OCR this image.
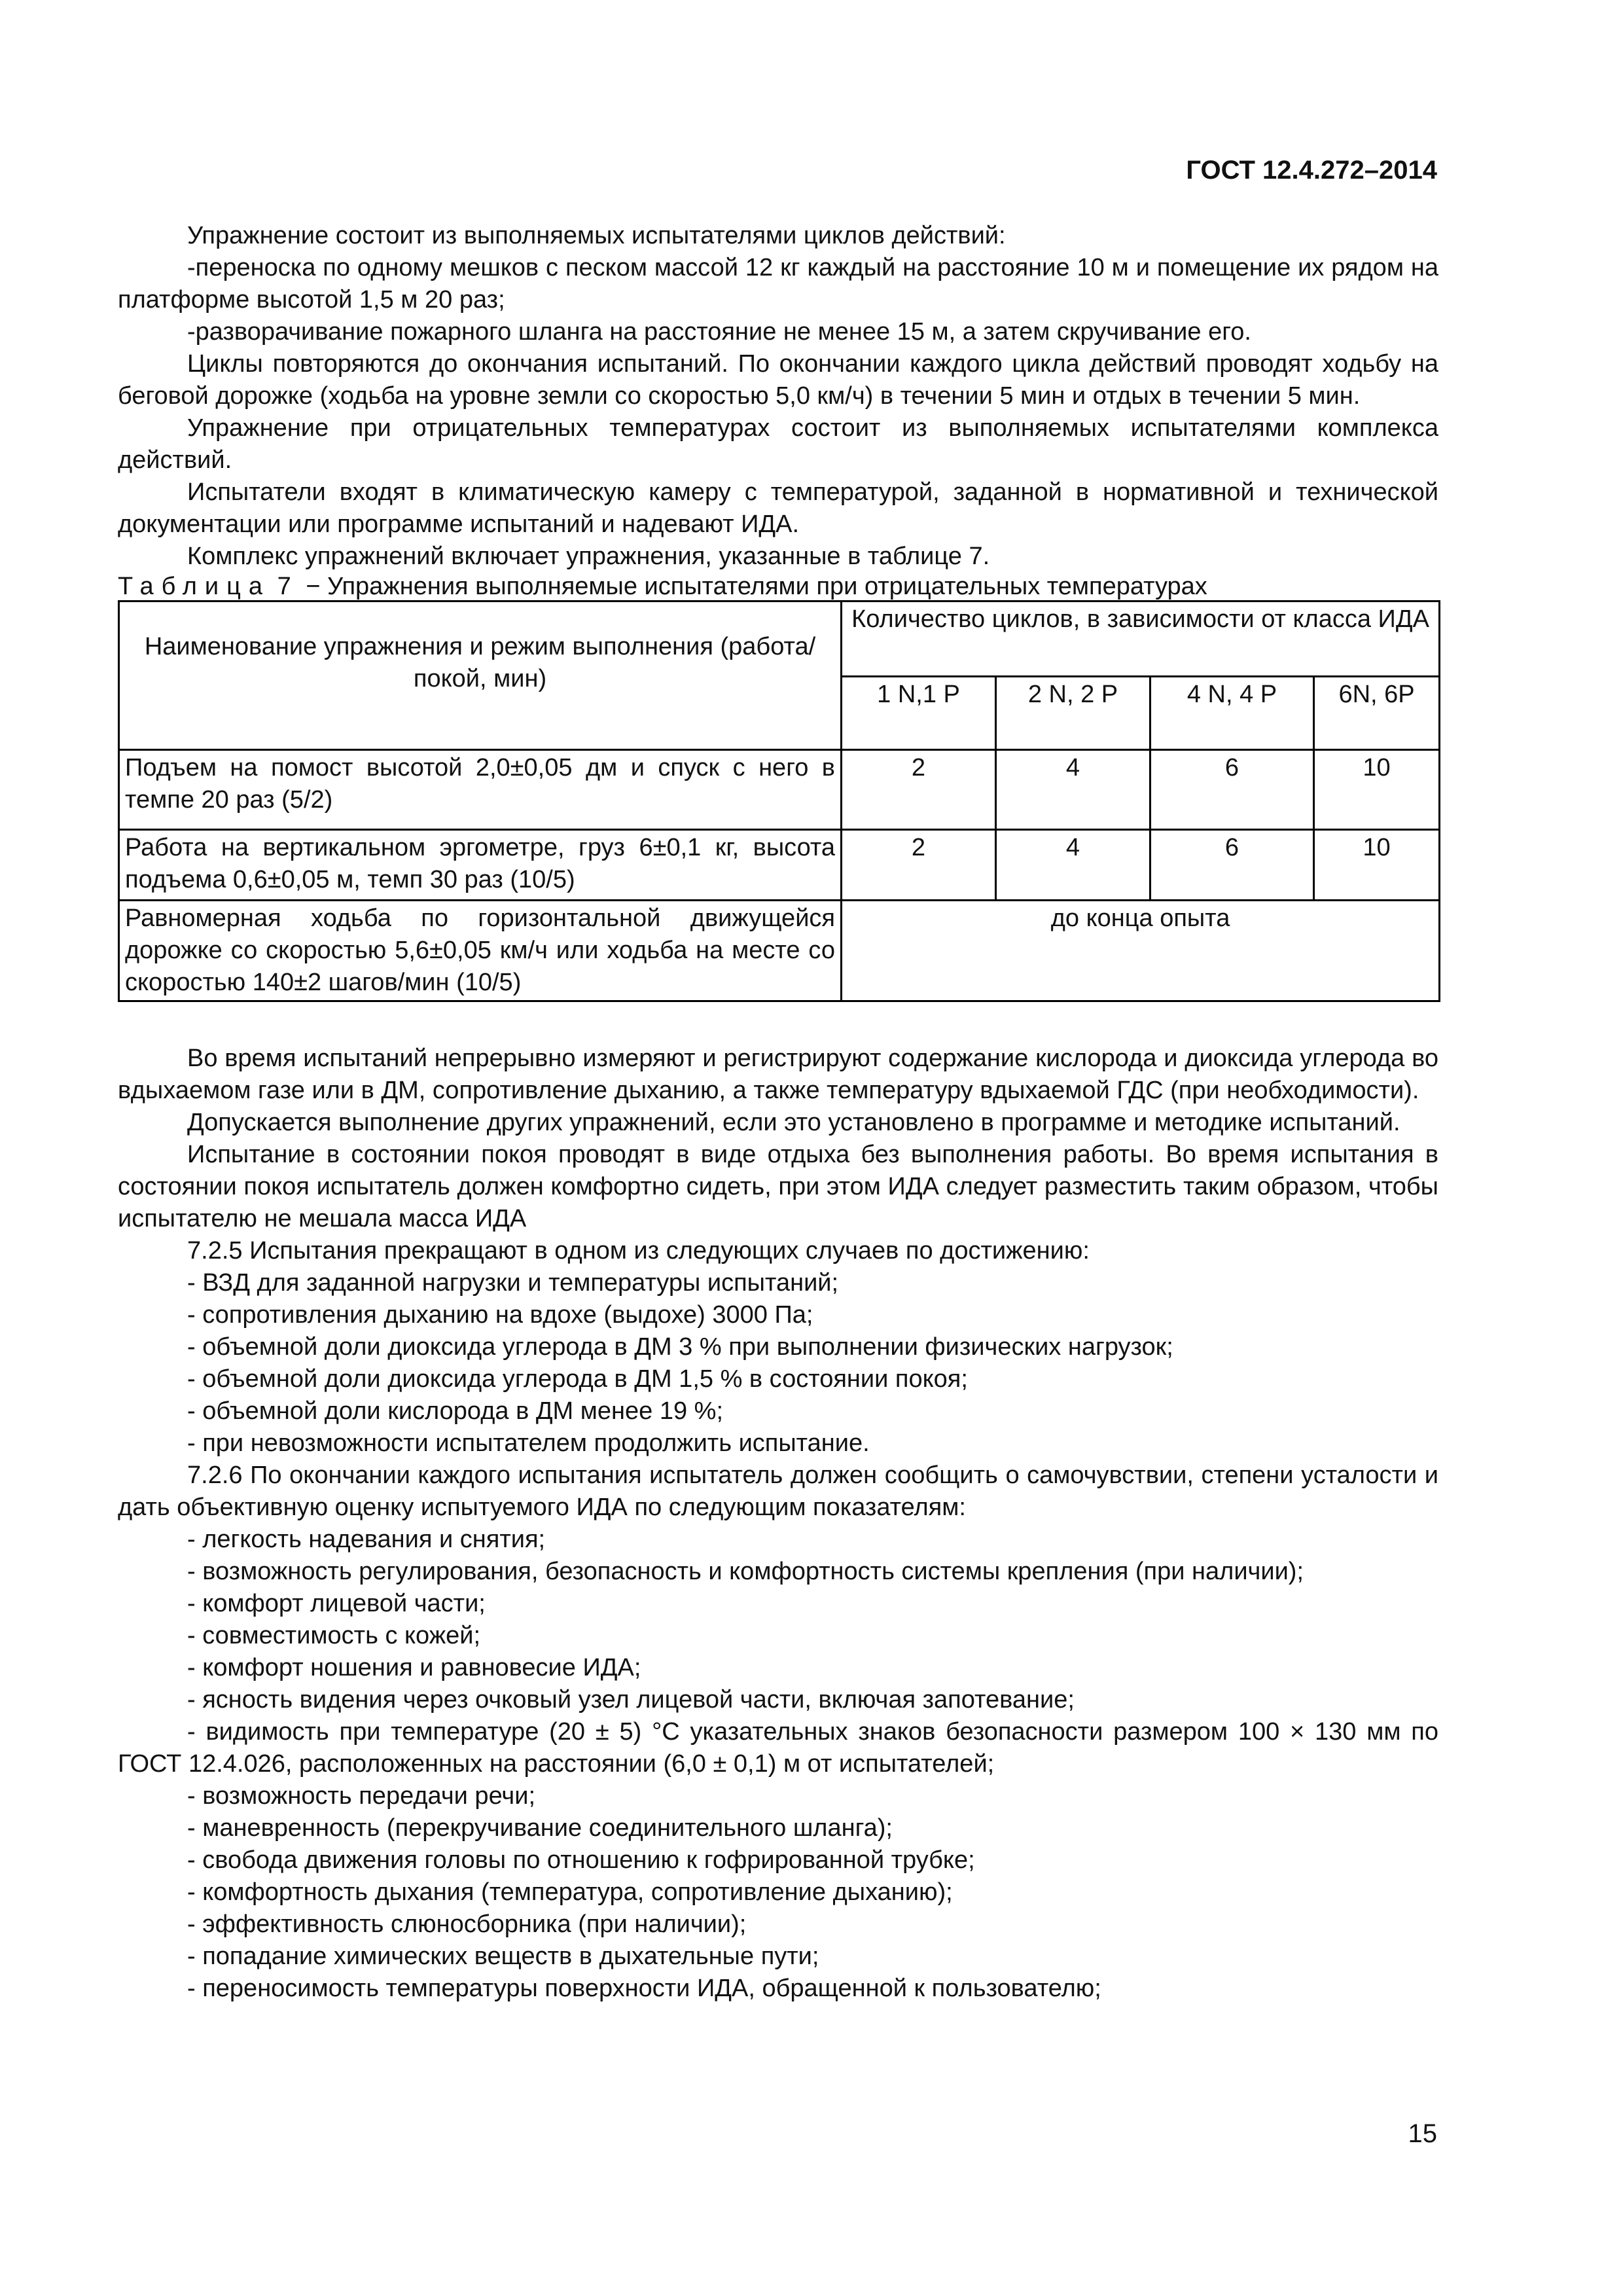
ГОСТ 12.4.272–2014

Упражнение состоит из выполняемых испытателями циклов действий:

-переноска по одному мешков с песком массой 12 кг каждый на расстояние 10 м и помещение их рядом на платформе высотой 1,5 м 20 раз;

-разворачивание пожарного шланга на расстояние не менее 15 м, а затем скручивание его.

Циклы повторяются до окончания испытаний. По окончании каждого цикла действий проводят ходьбу на беговой дорожке (ходьба на уровне земли со скоростью 5,0 км/ч) в течении 5 мин и отдых в течении 5 мин.

Упражнение при отрицательных температурах состоит из выполняемых испытателями комплекса действий.

Испытатели входят в климатическую камеру с температурой, заданной в нормативной и технической документации или программе испытаний и надевают ИДА.

Комплекс упражнений включает упражнения, указанные в таблице 7.

Таблица 7 − Упражнения выполняемые испытателями при отрицательных температурах

Наименование упражнения и режим выполнения (работа/покой, мин)	Количество циклов, в зависимости от класса ИДА			
	1 N,1 P	2 N, 2 P	4 N, 4 P	6N, 6P
Подъем на помост высотой 2,0±0,05 дм и спуск с него в темпе 20 раз (5/2)	2	4	6	10
Работа на вертикальном эргометре, груз 6±0,1 кг, высота подъема 0,6±0,05 м, темп 30 раз (10/5)	2	4	6	10
Равномерная ходьба по горизонтальной движущейся дорожке со скоростью 5,6±0,05 км/ч или ходьба на месте со скоростью 140±2 шагов/мин (10/5)	до конца опыта			

Во время испытаний непрерывно измеряют и регистрируют содержание кислорода и диоксида углерода во вдыхаемом газе или в ДМ, сопротивление дыханию, а также температуру вдыхаемой ГДС (при необходимости).

Допускается выполнение других упражнений, если это установлено в программе и методике испытаний.

Испытание в состоянии покоя проводят в виде отдыха без выполнения работы. Во время испытания в состоянии покоя испытатель должен комфортно сидеть, при этом ИДА следует разместить таким образом, чтобы испытателю не мешала масса ИДА

7.2.5 Испытания прекращают в одном из следующих случаев по достижению:

- ВЗД для заданной нагрузки и температуры испытаний;

- сопротивления дыханию на вдохе (выдохе) 3000 Па;

- объемной доли диоксида углерода в ДМ 3 % при выполнении физических нагрузок;

- объемной доли диоксида углерода в ДМ 1,5 % в состоянии покоя;

- объемной доли кислорода в ДМ менее 19 %;

- при невозможности испытателем продолжить испытание.

7.2.6 По окончании каждого испытания испытатель должен сообщить о самочувствии, степени усталости и дать объективную оценку испытуемого ИДА по следующим показателям:

- легкость надевания и снятия;

- возможность регулирования, безопасность и комфортность системы крепления (при наличии);

- комфорт лицевой части;

- совместимость с кожей;

- комфорт ношения и равновесие ИДА;

- ясность видения через очковый узел лицевой части, включая запотевание;

- видимость при температуре (20 ± 5) °С указательных знаков безопасности размером 100 × 130 мм по ГОСТ 12.4.026, расположенных на расстоянии (6,0 ± 0,1) м от испытателей;

- возможность передачи речи;

- маневренность (перекручивание соединительного шланга);

- свобода движения головы по отношению к гофрированной трубке;

- комфортность дыхания (температура, сопротивление дыханию);

- эффективность слюносборника (при наличии);

- попадание химических веществ в дыхательные пути;

- переносимость температуры поверхности ИДА, обращенной к пользователю;

15
